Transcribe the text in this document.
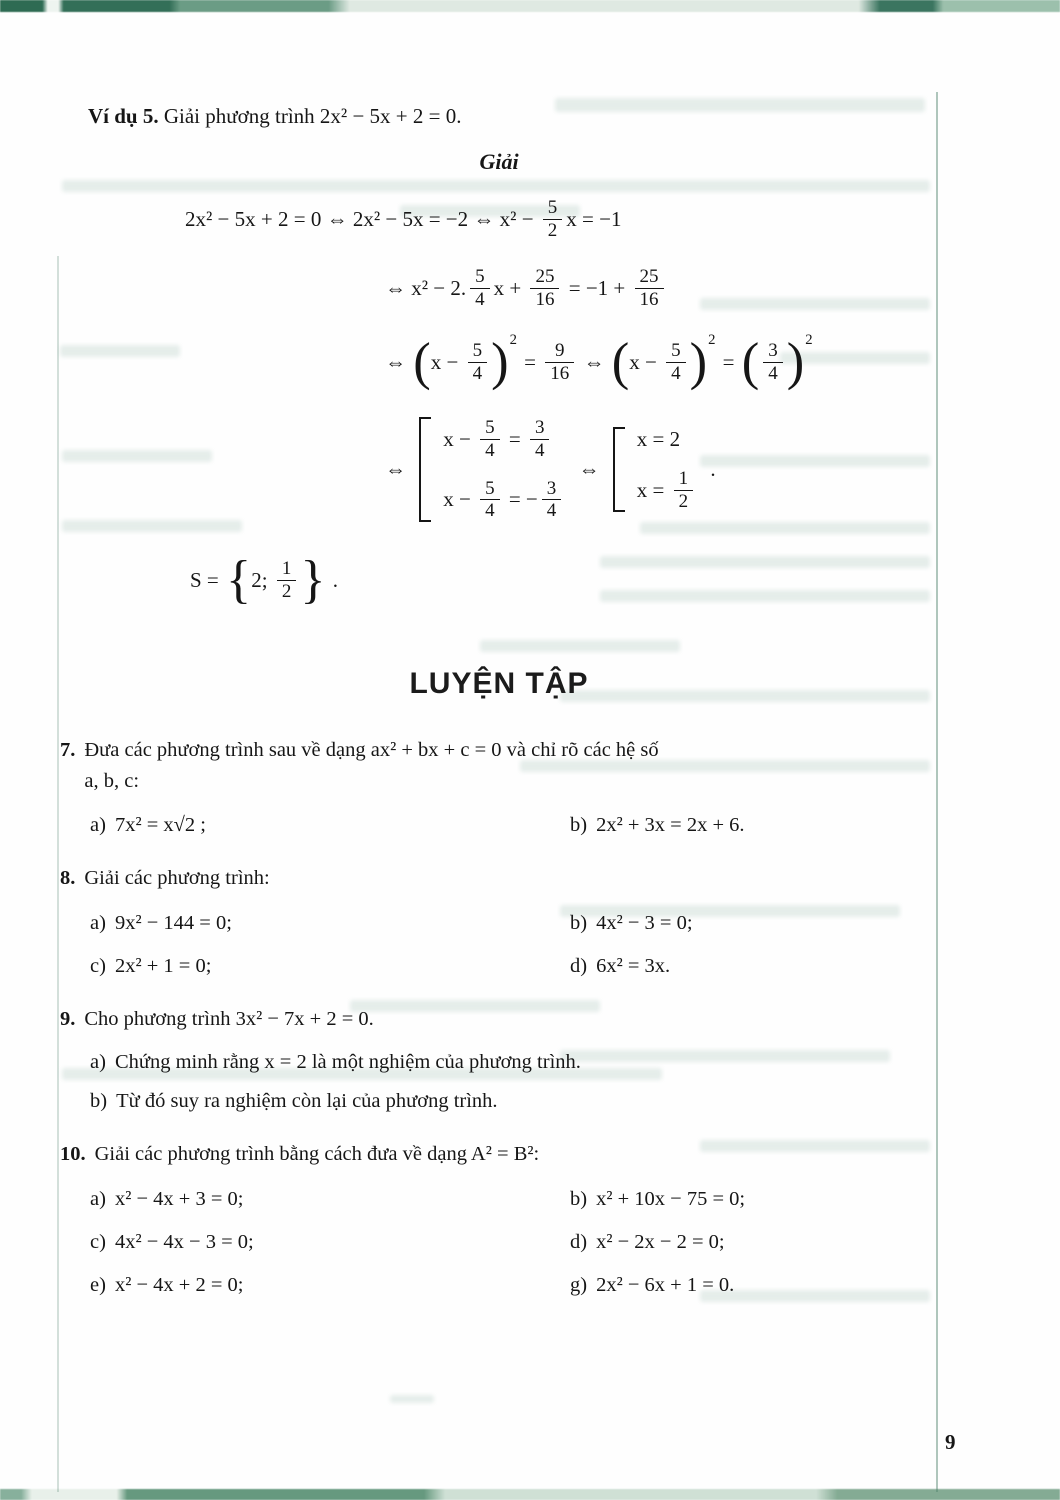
Ví dụ 5. Giải phương trình 2x² − 5x + 2 = 0.

Giải

2x² − 5x + 2 = 0 ⇔ 2x² − 5x = −2 ⇔ $x^2 - \frac{5}{2}$ x = −1
⇔ x² − 2. $\frac{5}{4}$ $x + \frac{25}{16} = -1 + \frac{25}{16}$
⇔ ( $x - \frac{5}{4}$ ) 2
= $\frac{9}{16}$ ⇔ ( $x - \frac{5}{4}$ ) 2
= ( $\frac{3}{4}$ ) 2
⇔
$x - \frac{5}{4} = \frac{3}{4}$
$x - \frac{5}{4}$ = − $\frac{3}{4}$
⇔
x = 2
$x = \frac{1}{2}$ .
S = { 2; $\frac{1}{2}$ } .
LUYỆN TẬP
7. Đưa các phương trình sau về dạng ax² + bx + c = 0 và chỉ rõ các hệ số
a, b, c:
a) 7x² = x√2 ;	b) 2x² + 3x = 2x + 6.
8. Giải các phương trình:
a) 9x² − 144 = 0;	b) 4x² − 3 = 0;
c) 2x² + 1 = 0;	d) 6x² = 3x.
9. Cho phương trình 3x² − 7x + 2 = 0.
a) Chứng minh rằng x = 2 là một nghiệm của phương trình.
b) Từ đó suy ra nghiệm còn lại của phương trình.
10. Giải các phương trình bằng cách đưa về dạng A² = B²:
a) x² − 4x + 3 = 0;	b) x² + 10x − 75 = 0;
c) 4x² − 4x − 3 = 0;	d) x² − 2x − 2 = 0;
e) x² − 4x + 2 = 0;	g) 2x² − 6x + 1 = 0.
9
